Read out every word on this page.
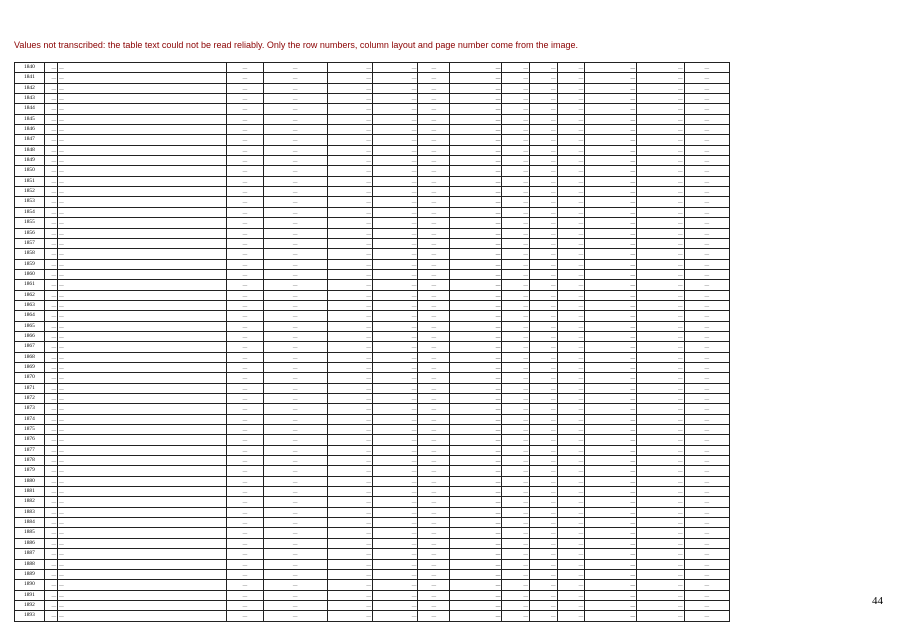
Values not transcribed: the table text could not be read reliably. Only the row numbers, column layout and page number come from the image.

1840	—	—	—	—	—	—	—	—	—	—	—	—	—	—
1841	—	—	—	—	—	—	—	—	—	—	—	—	—	—
1842	—	—	—	—	—	—	—	—	—	—	—	—	—	—
1843	—	—	—	—	—	—	—	—	—	—	—	—	—	—
1844	—	—	—	—	—	—	—	—	—	—	—	—	—	—
1845	—	—	—	—	—	—	—	—	—	—	—	—	—	—
1846	—	—	—	—	—	—	—	—	—	—	—	—	—	—
1847	—	—	—	—	—	—	—	—	—	—	—	—	—	—
1848	—	—	—	—	—	—	—	—	—	—	—	—	—	—
1849	—	—	—	—	—	—	—	—	—	—	—	—	—	—
1850	—	—	—	—	—	—	—	—	—	—	—	—	—	—
1851	—	—	—	—	—	—	—	—	—	—	—	—	—	—
1852	—	—	—	—	—	—	—	—	—	—	—	—	—	—
1853	—	—	—	—	—	—	—	—	—	—	—	—	—	—
1854	—	—	—	—	—	—	—	—	—	—	—	—	—	—
1855	—	—	—	—	—	—	—	—	—	—	—	—	—	—
1856	—	—	—	—	—	—	—	—	—	—	—	—	—	—
1857	—	—	—	—	—	—	—	—	—	—	—	—	—	—
1858	—	—	—	—	—	—	—	—	—	—	—	—	—	—
1859	—	—	—	—	—	—	—	—	—	—	—	—	—	—
1860	—	—	—	—	—	—	—	—	—	—	—	—	—	—
1861	—	—	—	—	—	—	—	—	—	—	—	—	—	—
1862	—	—	—	—	—	—	—	—	—	—	—	—	—	—
1863	—	—	—	—	—	—	—	—	—	—	—	—	—	—
1864	—	—	—	—	—	—	—	—	—	—	—	—	—	—
1865	—	—	—	—	—	—	—	—	—	—	—	—	—	—
1866	—	—	—	—	—	—	—	—	—	—	—	—	—	—
1867	—	—	—	—	—	—	—	—	—	—	—	—	—	—
1868	—	—	—	—	—	—	—	—	—	—	—	—	—	—
1869	—	—	—	—	—	—	—	—	—	—	—	—	—	—
1870	—	—	—	—	—	—	—	—	—	—	—	—	—	—
1871	—	—	—	—	—	—	—	—	—	—	—	—	—	—
1872	—	—	—	—	—	—	—	—	—	—	—	—	—	—
1873	—	—	—	—	—	—	—	—	—	—	—	—	—	—
1874	—	—	—	—	—	—	—	—	—	—	—	—	—	—
1875	—	—	—	—	—	—	—	—	—	—	—	—	—	—
1876	—	—	—	—	—	—	—	—	—	—	—	—	—	—
1877	—	—	—	—	—	—	—	—	—	—	—	—	—	—
1878	—	—	—	—	—	—	—	—	—	—	—	—	—	—
1879	—	—	—	—	—	—	—	—	—	—	—	—	—	—
1880	—	—	—	—	—	—	—	—	—	—	—	—	—	—
1881	—	—	—	—	—	—	—	—	—	—	—	—	—	—
1882	—	—	—	—	—	—	—	—	—	—	—	—	—	—
1883	—	—	—	—	—	—	—	—	—	—	—	—	—	—
1884	—	—	—	—	—	—	—	—	—	—	—	—	—	—
1885	—	—	—	—	—	—	—	—	—	—	—	—	—	—
1886	—	—	—	—	—	—	—	—	—	—	—	—	—	—
1887	—	—	—	—	—	—	—	—	—	—	—	—	—	—
1888	—	—	—	—	—	—	—	—	—	—	—	—	—	—
1889	—	—	—	—	—	—	—	—	—	—	—	—	—	—
1890	—	—	—	—	—	—	—	—	—	—	—	—	—	—
1891	—	—	—	—	—	—	—	—	—	—	—	—	—	—
1892	—	—	—	—	—	—	—	—	—	—	—	—	—	—
1893	—	—	—	—	—	—	—	—	—	—	—	—	—	—
44
